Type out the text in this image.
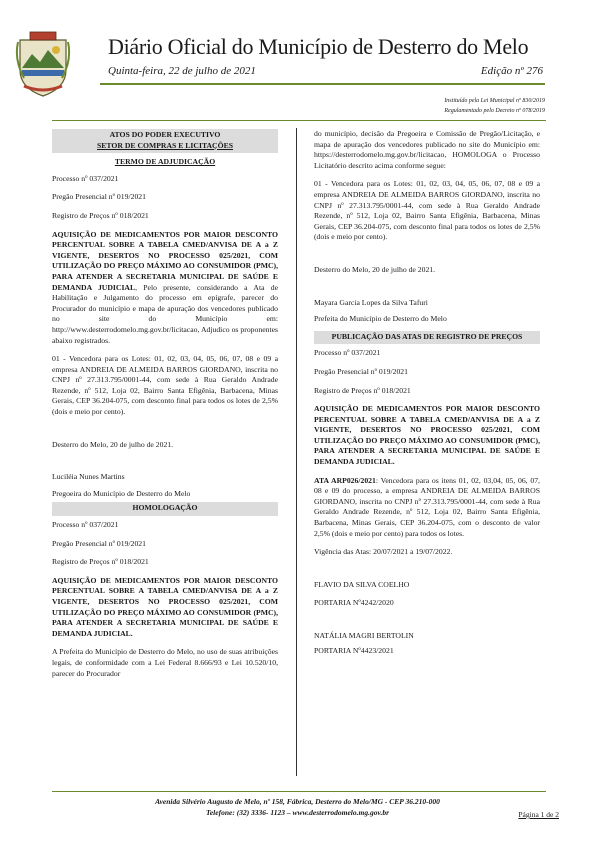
Diário Oficial do Município de Desterro do Melo
Quinta-feira, 22 de julho de 2021	Edição nº 276
Instituído pela Lei Municipal nº 830/2019
Regulamentado pelo Decreto nº 078/2019
ATOS DO PODER EXECUTIVO
SETOR DE COMPRAS E LICITAÇÕES

TERMO DE ADJUDICAÇÃO

Processo nº 037/2021

Pregão Presencial nº 019/2021

Registro de Preços nº 018/2021

AQUISIÇÃO DE MEDICAMENTOS POR MAIOR DESCONTO PERCENTUAL SOBRE A TABELA CMED/ANVISA DE A a Z VIGENTE, DESERTOS NO PROCESSO 025/2021, COM UTILIZAÇÃO DO PREÇO MÁXIMO AO CONSUMIDOR (PMC), PARA ATENDER A SECRETARIA MUNICIPAL DE SAÚDE E DEMANDA JUDICIAL, Pelo presente, considerando a Ata de Habilitação e Julgamento do processo em epígrafe, parecer do Procurador do município e mapa de apuração dos vencedores publicado no site do Município em: http://www.desterrodomelo.mg.gov.br/licitacao, Adjudico os proponentes abaixo registrados.

01 - Vencedora para os Lotes: 01, 02, 03, 04, 05, 06, 07, 08 e 09 a empresa ANDREIA DE ALMEIDA BARROS GIORDANO, inscrita no CNPJ nº 27.313.795/0001-44, com sede à Rua Geraldo Andrade Rezende, nº 512, Loja 02, Bairro Santa Efigênia, Barbacena, Minas Gerais, CEP 36.204-075, com desconto final para todos os lotes de 2,5% (dois e meio por cento).

Desterro do Melo, 20 de julho de 2021.

Luciléia Nunes Martins

Pregoeira do Município de Desterro do Melo

HOMOLOGAÇÃO

Processo nº 037/2021

Pregão Presencial nº 019/2021

Registro de Preços nº 018/2021

AQUISIÇÃO DE MEDICAMENTOS POR MAIOR DESCONTO PERCENTUAL SOBRE A TABELA CMED/ANVISA DE A a Z VIGENTE, DESERTOS NO PROCESSO 025/2021, COM UTILIZAÇÃO DO PREÇO MÁXIMO AO CONSUMIDOR (PMC), PARA ATENDER A SECRETARIA MUNICIPAL DE SAÚDE E DEMANDA JUDICIAL.

A Prefeita do Município de Desterro do Melo, no uso de suas atribuições legais, de conformidade com a Lei Federal 8.666/93 e Lei 10.520/10, parecer do Procurador

do município, decisão da Pregoeira e Comissão de Pregão/Licitação, e mapa de apuração dos vencedores publicado no site do Município em: https://desterrodomelo.mg.gov.br/licitacao, HOMOLOGA o Processo Licitatório descrito acima conforme segue:

01 - Vencedora para os Lotes: 01, 02, 03, 04, 05, 06, 07, 08 e 09 a empresa ANDREIA DE ALMEIDA BARROS GIORDANO, inscrita no CNPJ nº 27.313.795/0001-44, com sede à Rua Geraldo Andrade Rezende, nº 512, Loja 02, Bairro Santa Efigênia, Barbacena, Minas Gerais, CEP 36.204-075, com desconto final para todos os lotes de 2,5% (dois e meio por cento).

Desterro do Melo, 20 de julho de 2021.

Mayara Garcia Lopes da Silva Tafuri

Prefeita do Município de Desterro do Melo

PUBLICAÇÃO DAS ATAS DE REGISTRO DE PREÇOS

Processo nº 037/2021

Pregão Presencial nº 019/2021

Registro de Preços nº 018/2021

AQUISIÇÃO DE MEDICAMENTOS POR MAIOR DESCONTO PERCENTUAL SOBRE A TABELA CMED/ANVISA DE A a Z VIGENTE, DESERTOS NO PROCESSO 025/2021, COM UTILIZAÇÃO DO PREÇO MÁXIMO AO CONSUMIDOR (PMC), PARA ATENDER A SECRETARIA MUNICIPAL DE SAÚDE E DEMANDA JUDICIAL.

ATA ARP026/2021: Vencedora para os itens 01, 02, 03,04, 05, 06, 07, 08 e 09 do processo, a empresa ANDREIA DE ALMEIDA BARROS GIORDANO, inscrita no CNPJ nº 27.313.795/0001-44, com sede à Rua Geraldo Andrade Rezende, nº 512, Loja 02, Bairro Santa Efigênia, Barbacena, Minas Gerais, CEP 36.204-075, com o desconto de valor 2,5% (dois e meio por cento) para todos os lotes.

Vigência das Atas: 20/07/2021 a 19/07/2022.

FLAVIO DA SILVA COELHO

PORTARIA Nº4242/2020

NATÁLIA MAGRI BERTOLIN

PORTARIA Nº4423/2021

Avenida Silvério Augusto de Melo, nº 158, Fábrica, Desterro do Melo/MG - CEP 36.210-000
Telefone: (32) 3336- 1123 – www.desterrodomelo.mg.gov.br	Página 1 de 2
